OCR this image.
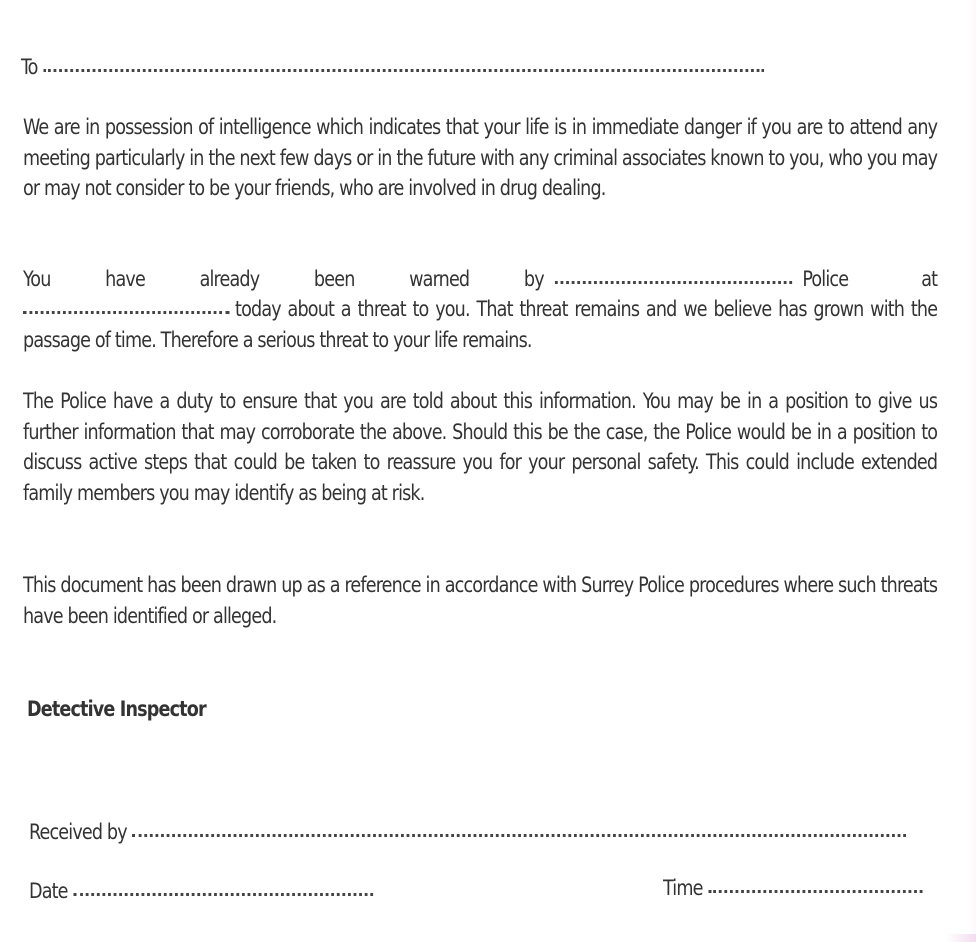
To
We are in possession of intelligence which indicates that your life is in immediate danger if you are to attend any meeting particularly in the next few days or in the future with any criminal associates known to you, who you may or may not consider to be your friends, who are involved in drug dealing.
You	have	already	been	warned	by	Police	at
today about a threat to you. That threat remains and we believe has grown with the passage of time. Therefore a serious threat to your life remains.
The Police have a duty to ensure that you are told about this information. You may be in a position to give us further information that may corroborate the above. Should this be the case, the Police would be in a position to discuss active steps that could be taken to reassure you for your personal safety. This could include extended family members you may identify as being at risk.
This document has been drawn up as a reference in accordance with Surrey Police procedures where such threats have been identified or alleged.
Detective Inspector
Received by
Date	Time
